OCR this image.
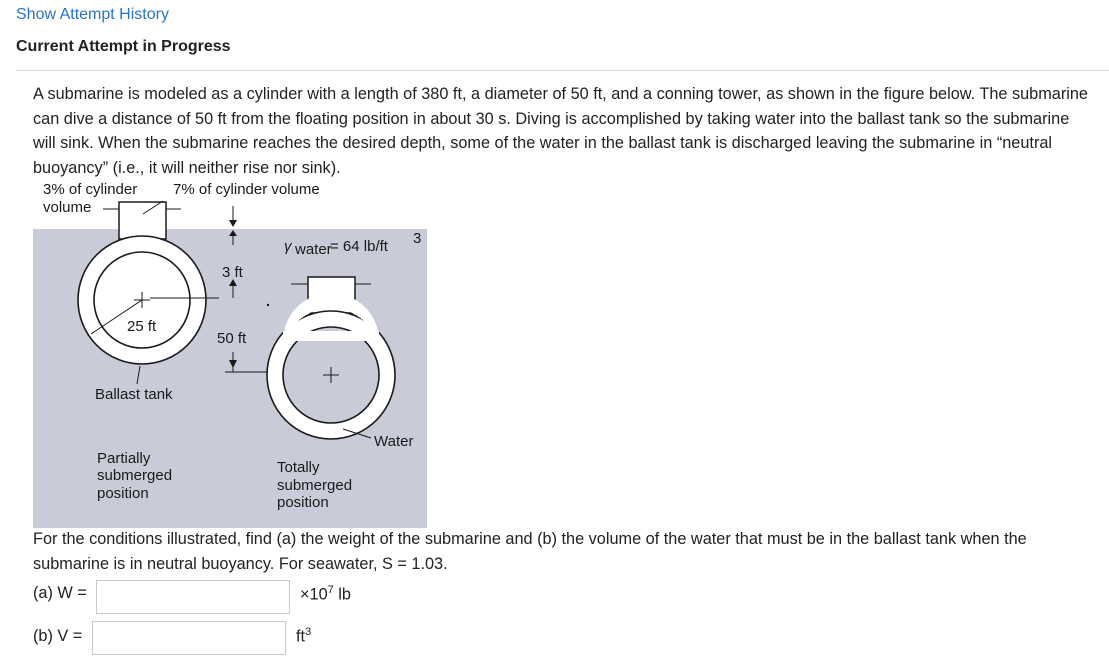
Show Attempt History
Current Attempt in Progress
A submarine is modeled as a cylinder with a length of 380 ft, a diameter of 50 ft, and a conning tower, as shown in the figure below. The submarine can dive a distance of 50 ft from the floating position in about 30 s. Diving is accomplished by taking water into the ballast tank so the submarine will sink. When the submarine reaches the desired depth, some of the water in the ballast tank is discharged leaving the submarine in “neutral buoyancy” (i.e., it will neither rise nor sink).
3% of cylinder
volume
7% of cylinder volume
γ water
= 64 lb/ft 3
3 ft
25 ft
50 ft
Ballast tank
Water
Partially
submerged
position
Totally
submerged
position
For the conditions illustrated, find (a) the weight of the submarine and (b) the volume of the water that must be in the ballast tank when the submarine is in neutral buoyancy. For seawater, S = 1.03.
(a) W =	$\times 10^7$ lb
(b) V =	$ft^3$
